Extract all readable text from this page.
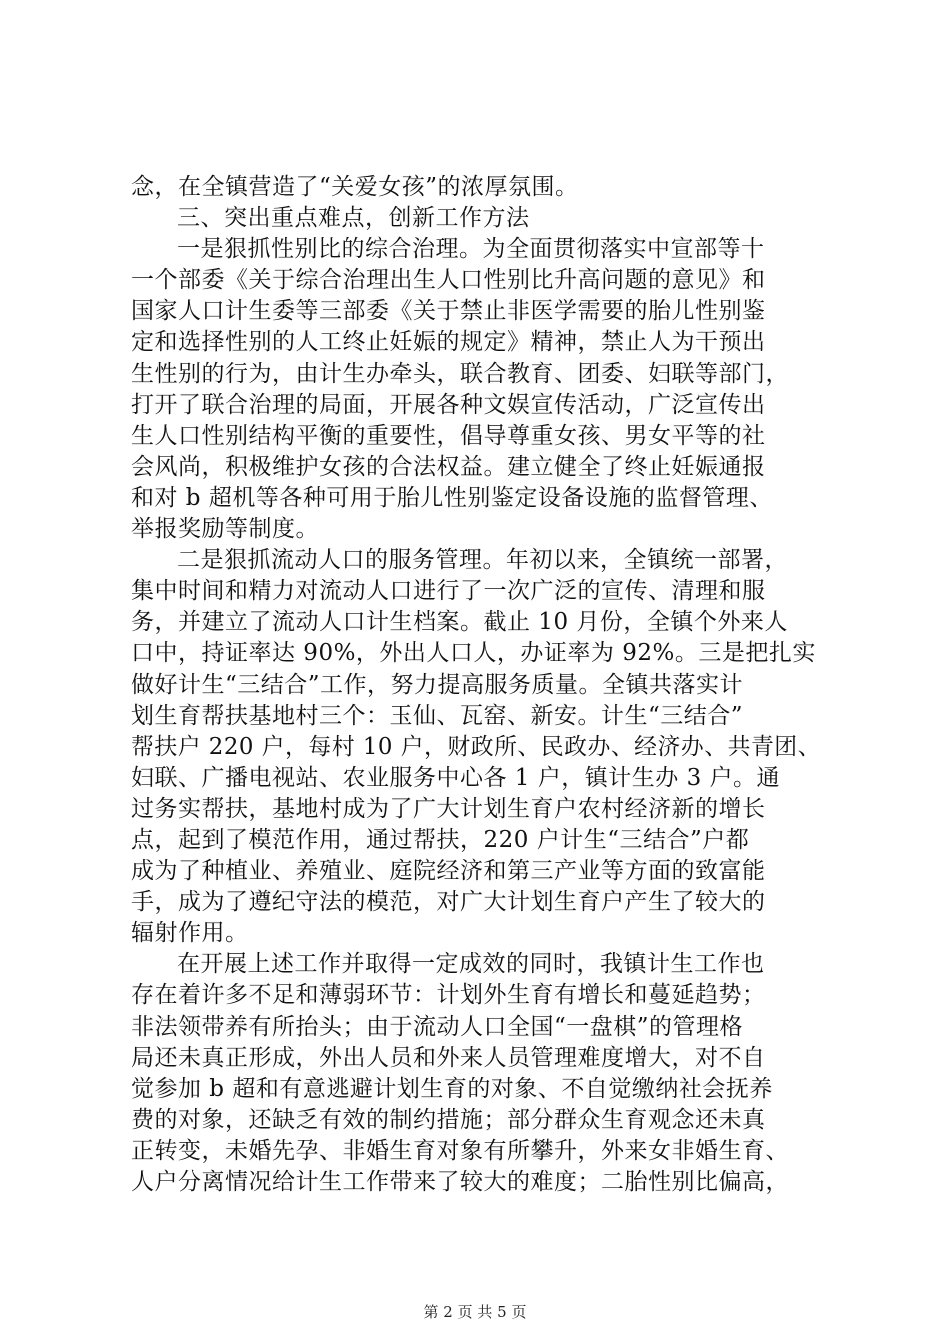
念，在全镇营造了“关爱女孩”的浓厚氛围。
三、突出重点难点，创新工作方法
一是狠抓性别比的综合治理。为全面贯彻落实中宣部等十
一个部委《关于综合治理出生人口性别比升高问题的意见》和
国家人口计生委等三部委《关于禁止非医学需要的胎儿性别鉴
定和选择性别的人工终止妊娠的规定》精神，禁止人为干预出
生性别的行为，由计生办牵头，联合教育、团委、妇联等部门，
打开了联合治理的局面，开展各种文娱宣传活动，广泛宣传出
生人口性别结构平衡的重要性，倡导尊重女孩、男女平等的社
会风尚，积极维护女孩的合法权益。建立健全了终止妊娠通报
和对 b 超机等各种可用于胎儿性别鉴定设备设施的监督管理、
举报奖励等制度。
二是狠抓流动人口的服务管理。年初以来，全镇统一部署，
集中时间和精力对流动人口进行了一次广泛的宣传、清理和服
务，并建立了流动人口计生档案。截止 10 月份，全镇个外来人
口中，持证率达 90%，外出人口人，办证率为 92%。三是把扎实
做好计生“三结合”工作，努力提高服务质量。全镇共落实计
划生育帮扶基地村三个：玉仙、瓦窑、新安。计生“三结合”
帮扶户 220 户，每村 10 户，财政所、民政办、经济办、共青团、
妇联、广播电视站、农业服务中心各 1 户，镇计生办 3 户。通
过务实帮扶，基地村成为了广大计划生育户农村经济新的增长
点，起到了模范作用，通过帮扶，220 户计生“三结合”户都
成为了种植业、养殖业、庭院经济和第三产业等方面的致富能
手，成为了遵纪守法的模范，对广大计划生育户产生了较大的
辐射作用。
在开展上述工作并取得一定成效的同时，我镇计生工作也
存在着许多不足和薄弱环节：计划外生育有增长和蔓延趋势；
非法领带养有所抬头；由于流动人口全国“一盘棋”的管理格
局还未真正形成，外出人员和外来人员管理难度增大，对不自
觉参加 b 超和有意逃避计划生育的对象、不自觉缴纳社会抚养
费的对象，还缺乏有效的制约措施；部分群众生育观念还未真
正转变，未婚先孕、非婚生育对象有所攀升，外来女非婚生育、
人户分离情况给计生工作带来了较大的难度；二胎性别比偏高，
第 2 页 共 5 页
